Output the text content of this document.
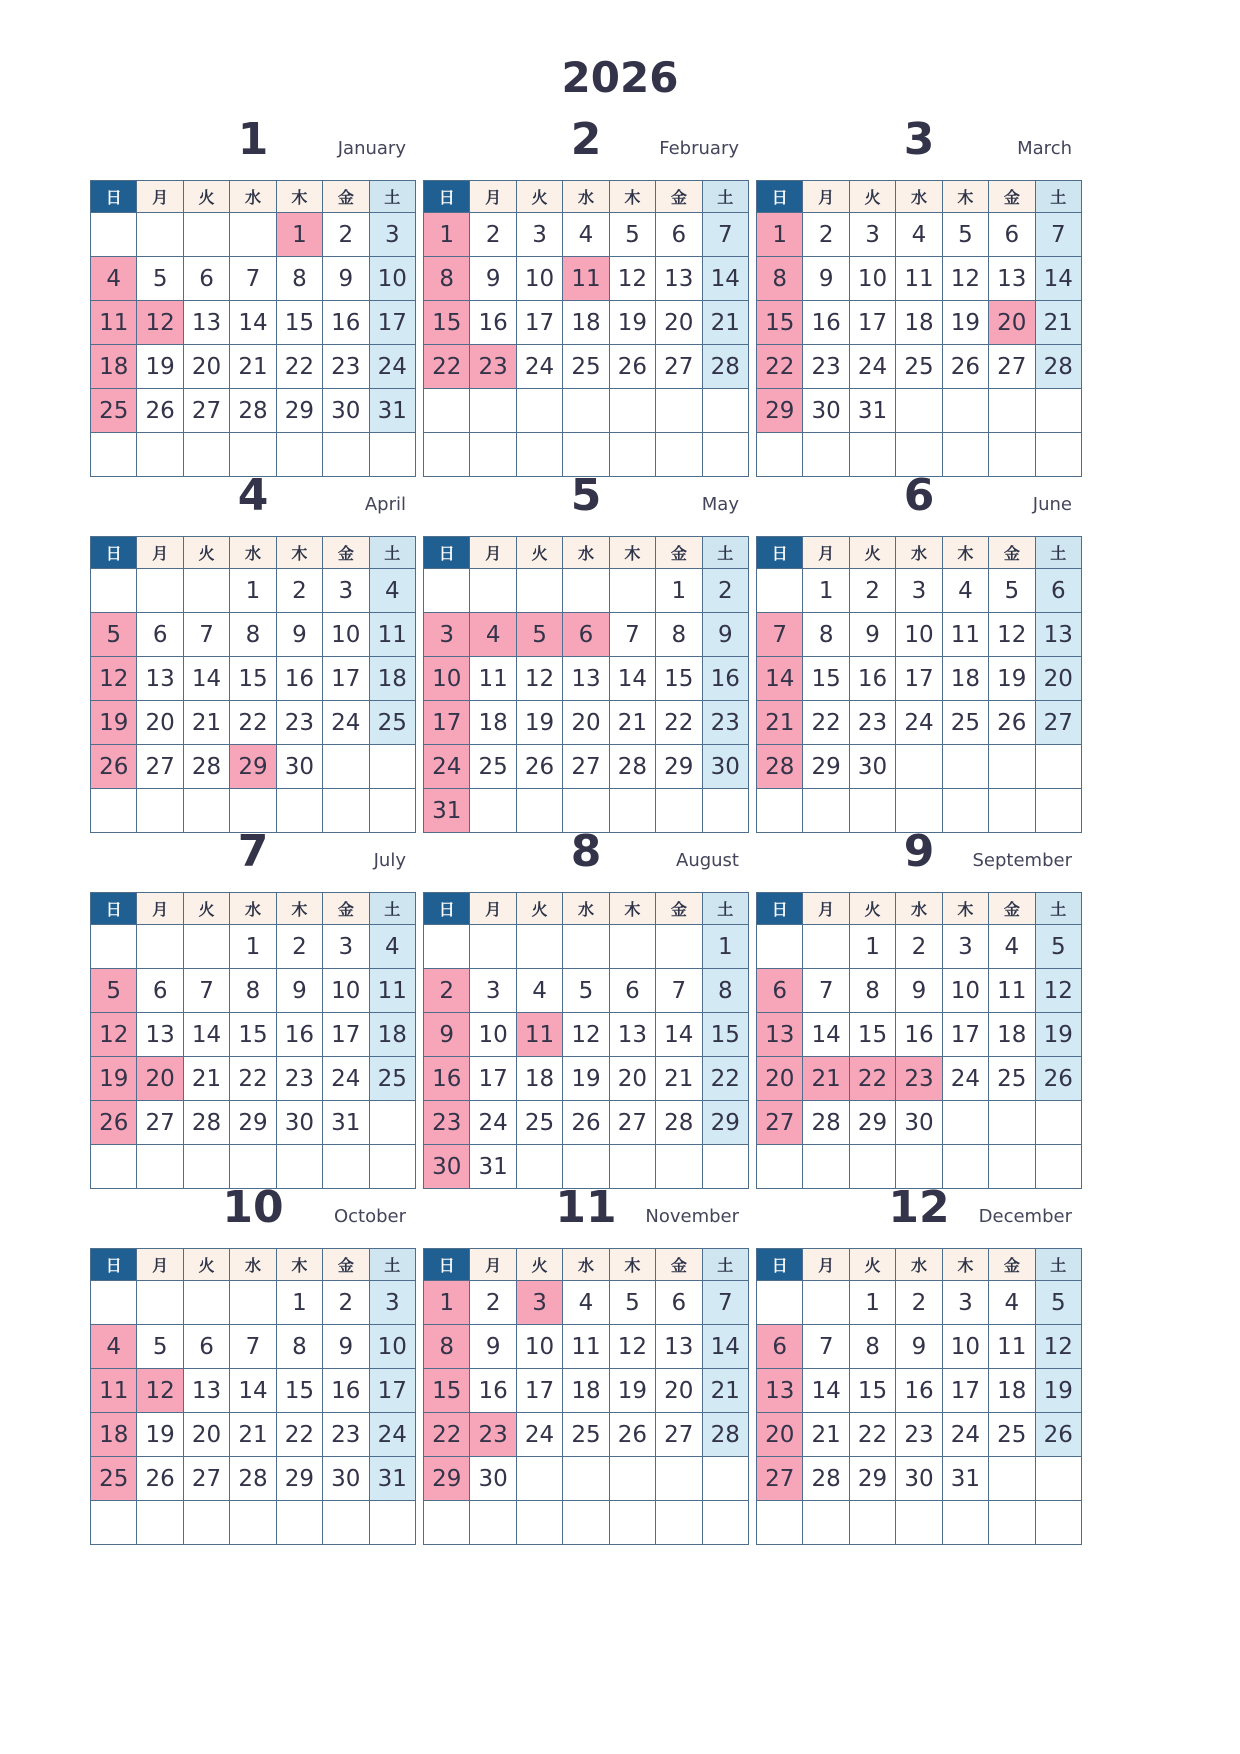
2026
1	January
日	月	火	水	木	金	土
				1	2	3
4	5	6	7	8	9	10
11	12	13	14	15	16	17
18	19	20	21	22	23	24
25	26	27	28	29	30	31

2	February
日	月	火	水	木	金	土
1	2	3	4	5	6	7
8	9	10	11	12	13	14
15	16	17	18	19	20	21
22	23	24	25	26	27	28

3	March
日	月	火	水	木	金	土
1	2	3	4	5	6	7
8	9	10	11	12	13	14
15	16	17	18	19	20	21
22	23	24	25	26	27	28
29	30	31				

4	April
日	月	火	水	木	金	土
			1	2	3	4
5	6	7	8	9	10	11
12	13	14	15	16	17	18
19	20	21	22	23	24	25
26	27	28	29	30		

5	May
日	月	火	水	木	金	土
					1	2
3	4	5	6	7	8	9
10	11	12	13	14	15	16
17	18	19	20	21	22	23
24	25	26	27	28	29	30
31						
6	June
日	月	火	水	木	金	土
	1	2	3	4	5	6
7	8	9	10	11	12	13
14	15	16	17	18	19	20
21	22	23	24	25	26	27
28	29	30				

7	July
日	月	火	水	木	金	土
			1	2	3	4
5	6	7	8	9	10	11
12	13	14	15	16	17	18
19	20	21	22	23	24	25
26	27	28	29	30	31	

8	August
日	月	火	水	木	金	土
						1
2	3	4	5	6	7	8
9	10	11	12	13	14	15
16	17	18	19	20	21	22
23	24	25	26	27	28	29
30	31					
9	September
日	月	火	水	木	金	土
		1	2	3	4	5
6	7	8	9	10	11	12
13	14	15	16	17	18	19
20	21	22	23	24	25	26
27	28	29	30			

10	October
日	月	火	水	木	金	土
				1	2	3
4	5	6	7	8	9	10
11	12	13	14	15	16	17
18	19	20	21	22	23	24
25	26	27	28	29	30	31

11	November
日	月	火	水	木	金	土
1	2	3	4	5	6	7
8	9	10	11	12	13	14
15	16	17	18	19	20	21
22	23	24	25	26	27	28
29	30					

12	December
日	月	火	水	木	金	土
		1	2	3	4	5
6	7	8	9	10	11	12
13	14	15	16	17	18	19
20	21	22	23	24	25	26
27	28	29	30	31		
